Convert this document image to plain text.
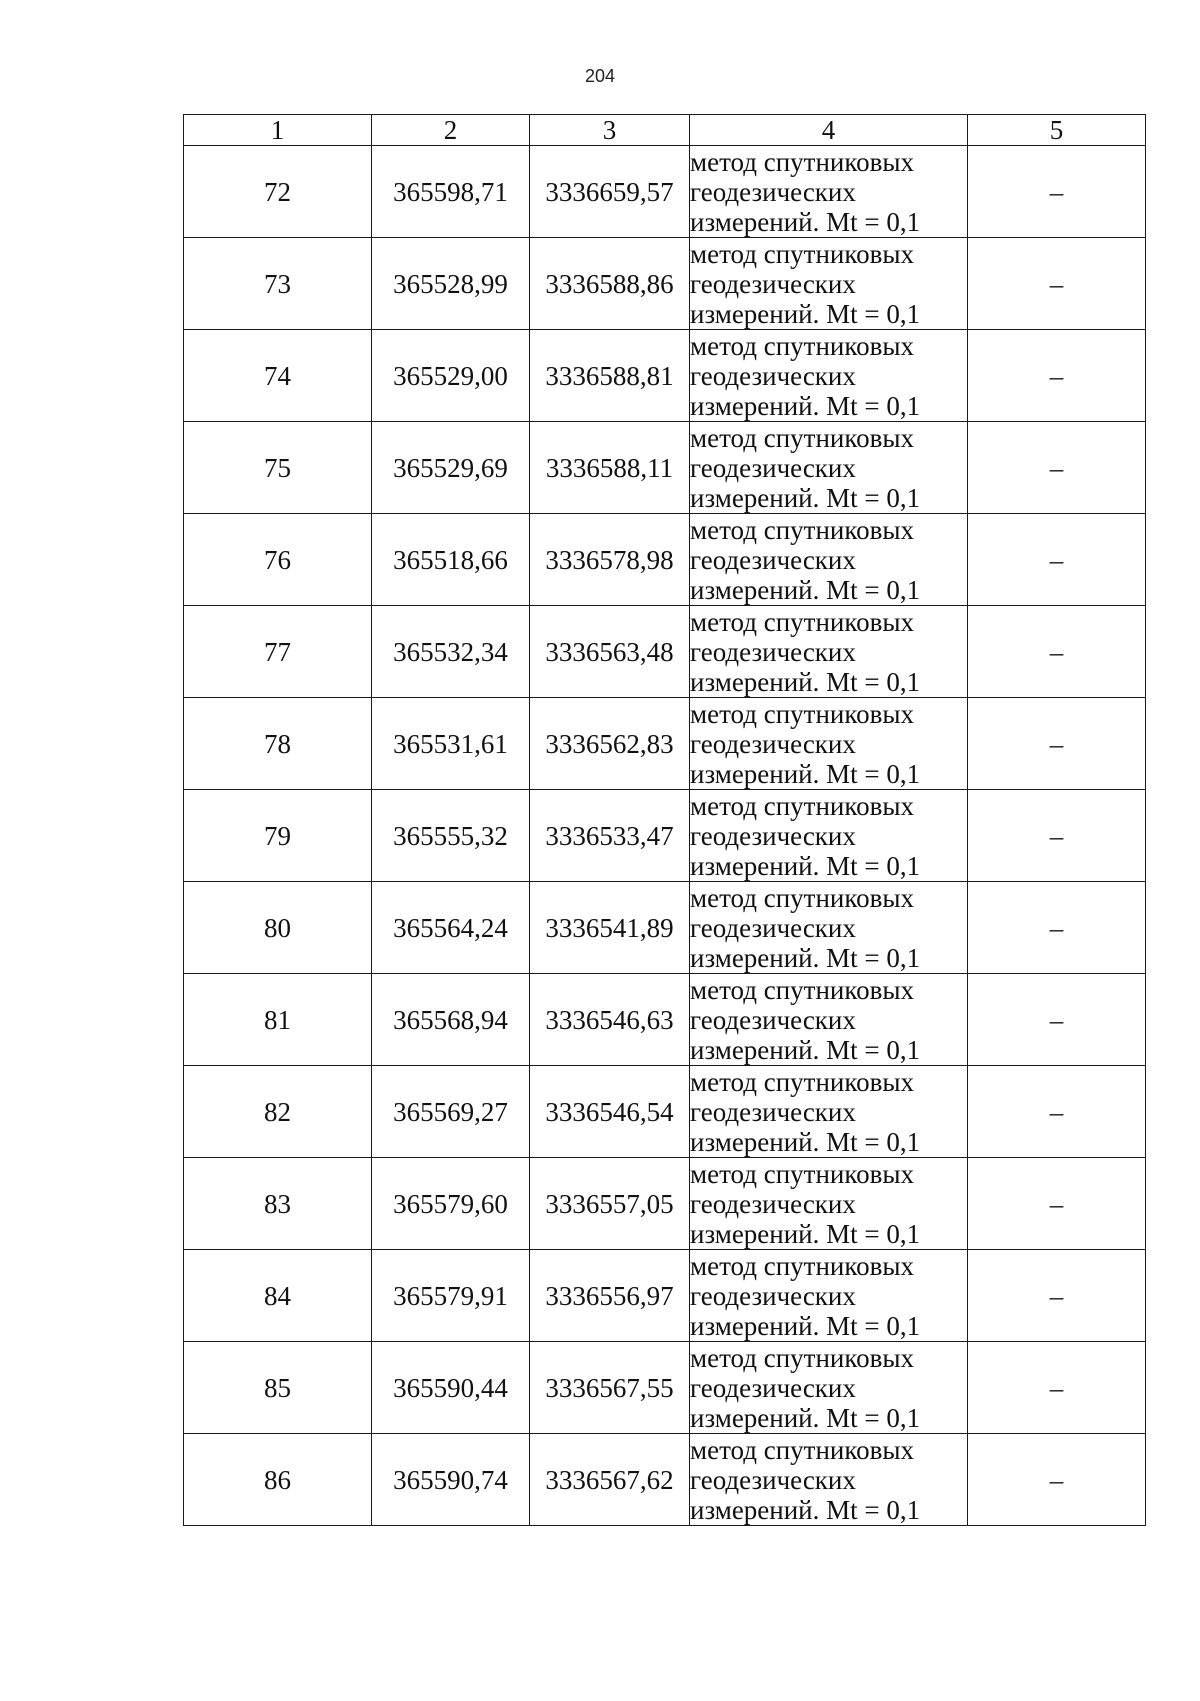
204
1	2	3	4	5
72	365598,71	3336659,57	метод спутниковых
геодезических
измерений. Mt = 0,1	–
73	365528,99	3336588,86	метод спутниковых
геодезических
измерений. Mt = 0,1	–
74	365529,00	3336588,81	метод спутниковых
геодезических
измерений. Mt = 0,1	–
75	365529,69	3336588,11	метод спутниковых
геодезических
измерений. Mt = 0,1	–
76	365518,66	3336578,98	метод спутниковых
геодезических
измерений. Mt = 0,1	–
77	365532,34	3336563,48	метод спутниковых
геодезических
измерений. Mt = 0,1	–
78	365531,61	3336562,83	метод спутниковых
геодезических
измерений. Mt = 0,1	–
79	365555,32	3336533,47	метод спутниковых
геодезических
измерений. Mt = 0,1	–
80	365564,24	3336541,89	метод спутниковых
геодезических
измерений. Mt = 0,1	–
81	365568,94	3336546,63	метод спутниковых
геодезических
измерений. Mt = 0,1	–
82	365569,27	3336546,54	метод спутниковых
геодезических
измерений. Mt = 0,1	–
83	365579,60	3336557,05	метод спутниковых
геодезических
измерений. Mt = 0,1	–
84	365579,91	3336556,97	метод спутниковых
геодезических
измерений. Mt = 0,1	–
85	365590,44	3336567,55	метод спутниковых
геодезических
измерений. Mt = 0,1	–
86	365590,74	3336567,62	метод спутниковых
геодезических
измерений. Mt = 0,1	–
